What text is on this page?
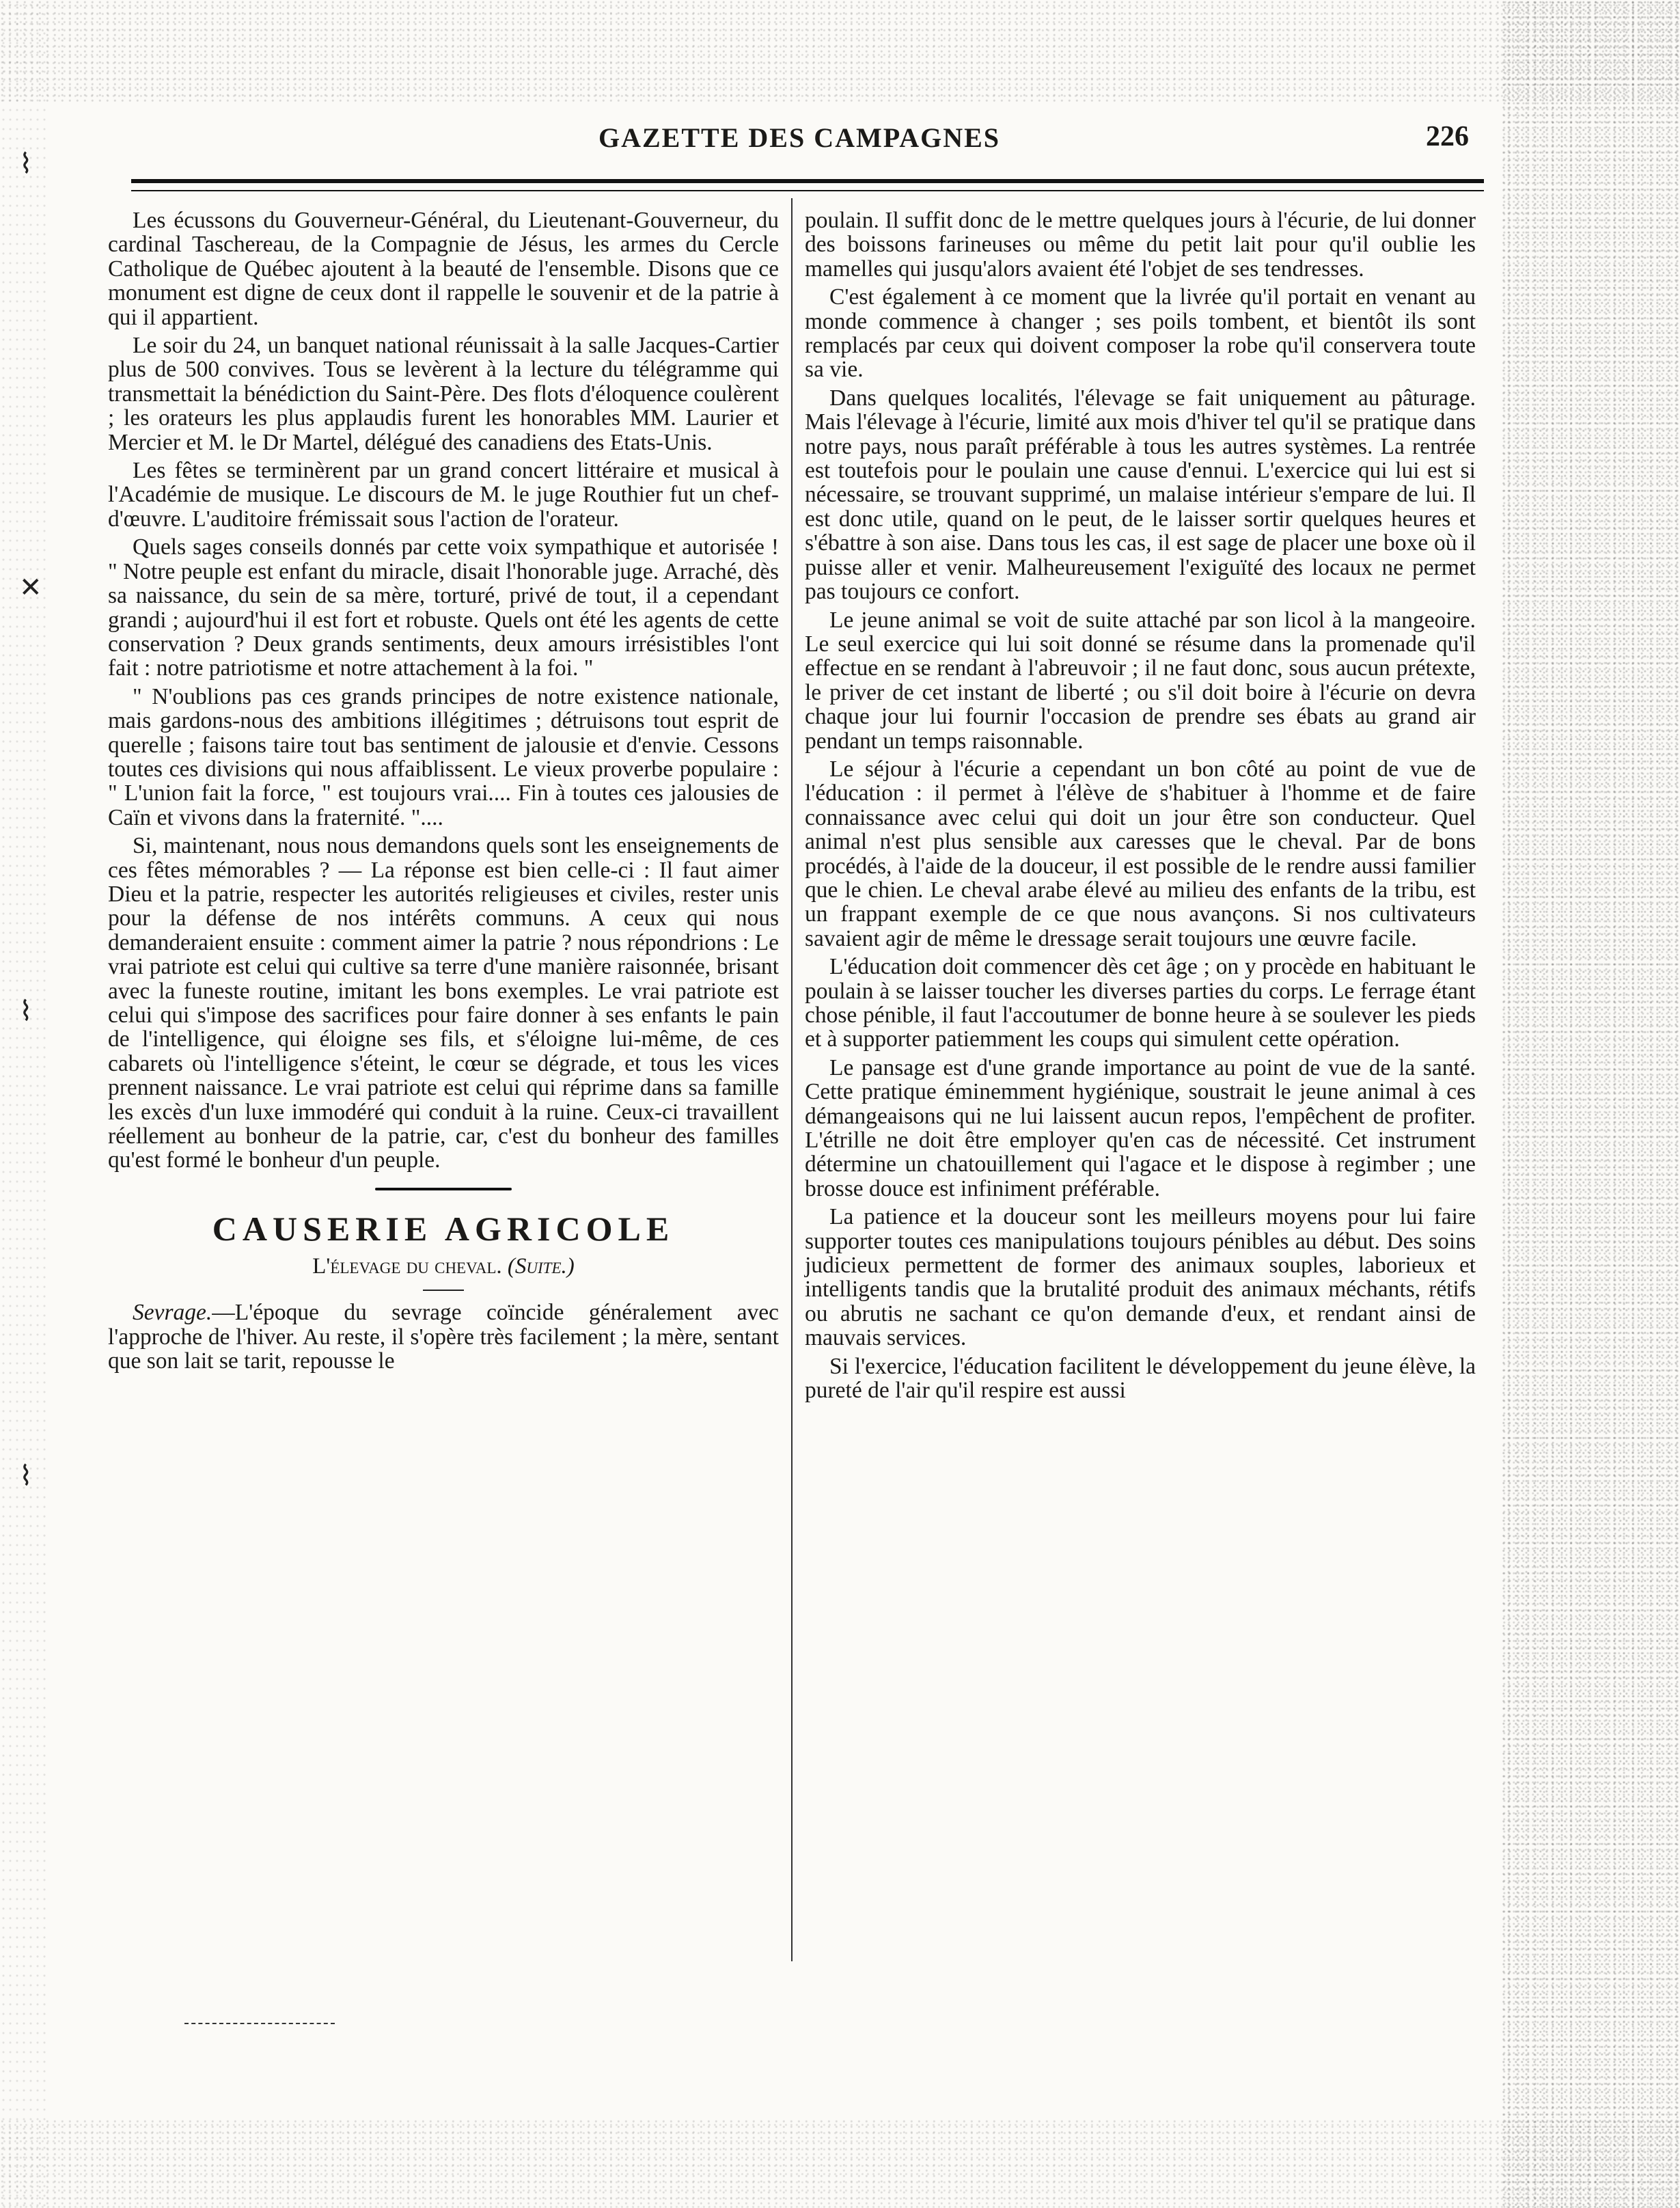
⌇
✕
⌇
⌇
GAZETTE DES CAMPAGNES	226

Les écussons du Gouverneur-Général, du Lieutenant-Gouverneur, du cardinal Taschereau, de la Compagnie de Jésus, les armes du Cercle Catholique de Québec ajoutent à la beauté de l'ensemble. Disons que ce monument est digne de ceux dont il rappelle le souvenir et de la patrie à qui il appartient.

Le soir du 24, un banquet national réunissait à la salle Jacques-Cartier plus de 500 convives. Tous se levèrent à la lecture du télégramme qui transmettait la bénédiction du Saint-Père. Des flots d'éloquence coulèrent ; les orateurs les plus applaudis furent les honorables MM. Laurier et Mercier et M. le Dr Martel, délégué des canadiens des Etats-Unis.

Les fêtes se terminèrent par un grand concert littéraire et musical à l'Académie de musique. Le discours de M. le juge Routhier fut un chef-d'œuvre. L'auditoire frémissait sous l'action de l'orateur.

Quels sages conseils donnés par cette voix sympathique et autorisée ! " Notre peuple est enfant du miracle, disait l'honorable juge. Arraché, dès sa naissance, du sein de sa mère, torturé, privé de tout, il a cependant grandi ; aujourd'hui il est fort et robuste. Quels ont été les agents de cette conservation ? Deux grands sentiments, deux amours irrésistibles l'ont fait : notre patriotisme et notre attachement à la foi. "

" N'oublions pas ces grands principes de notre existence nationale, mais gardons-nous des ambitions illégitimes ; détruisons tout esprit de querelle ; faisons taire tout bas sentiment de jalousie et d'envie. Cessons toutes ces divisions qui nous affaiblissent. Le vieux proverbe populaire : " L'union fait la force, " est toujours vrai.... Fin à toutes ces jalousies de Caïn et vivons dans la fraternité. "....

Si, maintenant, nous nous demandons quels sont les enseignements de ces fêtes mémorables ? — La réponse est bien celle-ci : Il faut aimer Dieu et la patrie, respecter les autorités religieuses et civiles, rester unis pour la défense de nos intérêts communs. A ceux qui nous demanderaient ensuite : comment aimer la patrie ? nous répondrions : Le vrai patriote est celui qui cultive sa terre d'une manière raisonnée, brisant avec la funeste routine, imitant les bons exemples. Le vrai patriote est celui qui s'impose des sacrifices pour faire donner à ses enfants le pain de l'intelligence, qui éloigne ses fils, et s'éloigne lui-même, de ces cabarets où l'intelligence s'éteint, le cœur se dégrade, et tous les vices prennent naissance. Le vrai patriote est celui qui réprime dans sa famille les excès d'un luxe immodéré qui conduit à la ruine. Ceux-ci travaillent réellement au bonheur de la patrie, car, c'est du bonheur des familles qu'est formé le bonheur d'un peuple.

CAUSERIE AGRICOLE
L'élevage du cheval. (Suite.)

Sevrage.—L'époque du sevrage coïncide généralement avec l'approche de l'hiver. Au reste, il s'opère très facilement ; la mère, sentant que son lait se tarit, repousse le

poulain. Il suffit donc de le mettre quelques jours à l'écurie, de lui donner des boissons farineuses ou même du petit lait pour qu'il oublie les mamelles qui jusqu'alors avaient été l'objet de ses tendresses.

C'est également à ce moment que la livrée qu'il portait en venant au monde commence à changer ; ses poils tombent, et bientôt ils sont remplacés par ceux qui doivent composer la robe qu'il conservera toute sa vie.

Dans quelques localités, l'élevage se fait uniquement au pâturage. Mais l'élevage à l'écurie, limité aux mois d'hiver tel qu'il se pratique dans notre pays, nous paraît préférable à tous les autres systèmes. La rentrée est toutefois pour le poulain une cause d'ennui. L'exercice qui lui est si nécessaire, se trouvant supprimé, un malaise intérieur s'empare de lui. Il est donc utile, quand on le peut, de le laisser sortir quelques heures et s'ébattre à son aise. Dans tous les cas, il est sage de placer une boxe où il puisse aller et venir. Malheureusement l'exiguïté des locaux ne permet pas toujours ce confort.

Le jeune animal se voit de suite attaché par son licol à la mangeoire. Le seul exercice qui lui soit donné se résume dans la promenade qu'il effectue en se rendant à l'abreuvoir ; il ne faut donc, sous aucun prétexte, le priver de cet instant de liberté ; ou s'il doit boire à l'écurie on devra chaque jour lui fournir l'occasion de prendre ses ébats au grand air pendant un temps raisonnable.

Le séjour à l'écurie a cependant un bon côté au point de vue de l'éducation : il permet à l'élève de s'habituer à l'homme et de faire connaissance avec celui qui doit un jour être son conducteur. Quel animal n'est plus sensible aux caresses que le cheval. Par de bons procédés, à l'aide de la douceur, il est possible de le rendre aussi familier que le chien. Le cheval arabe élevé au milieu des enfants de la tribu, est un frappant exemple de ce que nous avançons. Si nos cultivateurs savaient agir de même le dressage serait toujours une œuvre facile.

L'éducation doit commencer dès cet âge ; on y procède en habituant le poulain à se laisser toucher les diverses parties du corps. Le ferrage étant chose pénible, il faut l'accoutumer de bonne heure à se soulever les pieds et à supporter patiemment les coups qui simulent cette opération.

Le pansage est d'une grande importance au point de vue de la santé. Cette pratique éminemment hygiénique, soustrait le jeune animal à ces démangeaisons qui ne lui laissent aucun repos, l'empêchent de profiter. L'étrille ne doit être employer qu'en cas de nécessité. Cet instrument détermine un chatouillement qui l'agace et le dispose à regimber ; une brosse douce est infiniment préférable.

La patience et la douceur sont les meilleurs moyens pour lui faire supporter toutes ces manipulations toujours pénibles au début. Des soins judicieux permettent de former des animaux souples, laborieux et intelligents tandis que la brutalité produit des animaux méchants, rétifs ou abrutis ne sachant ce qu'on demande d'eux, et rendant ainsi de mauvais services.

Si l'exercice, l'éducation facilitent le développement du jeune élève, la pureté de l'air qu'il respire est aussi
